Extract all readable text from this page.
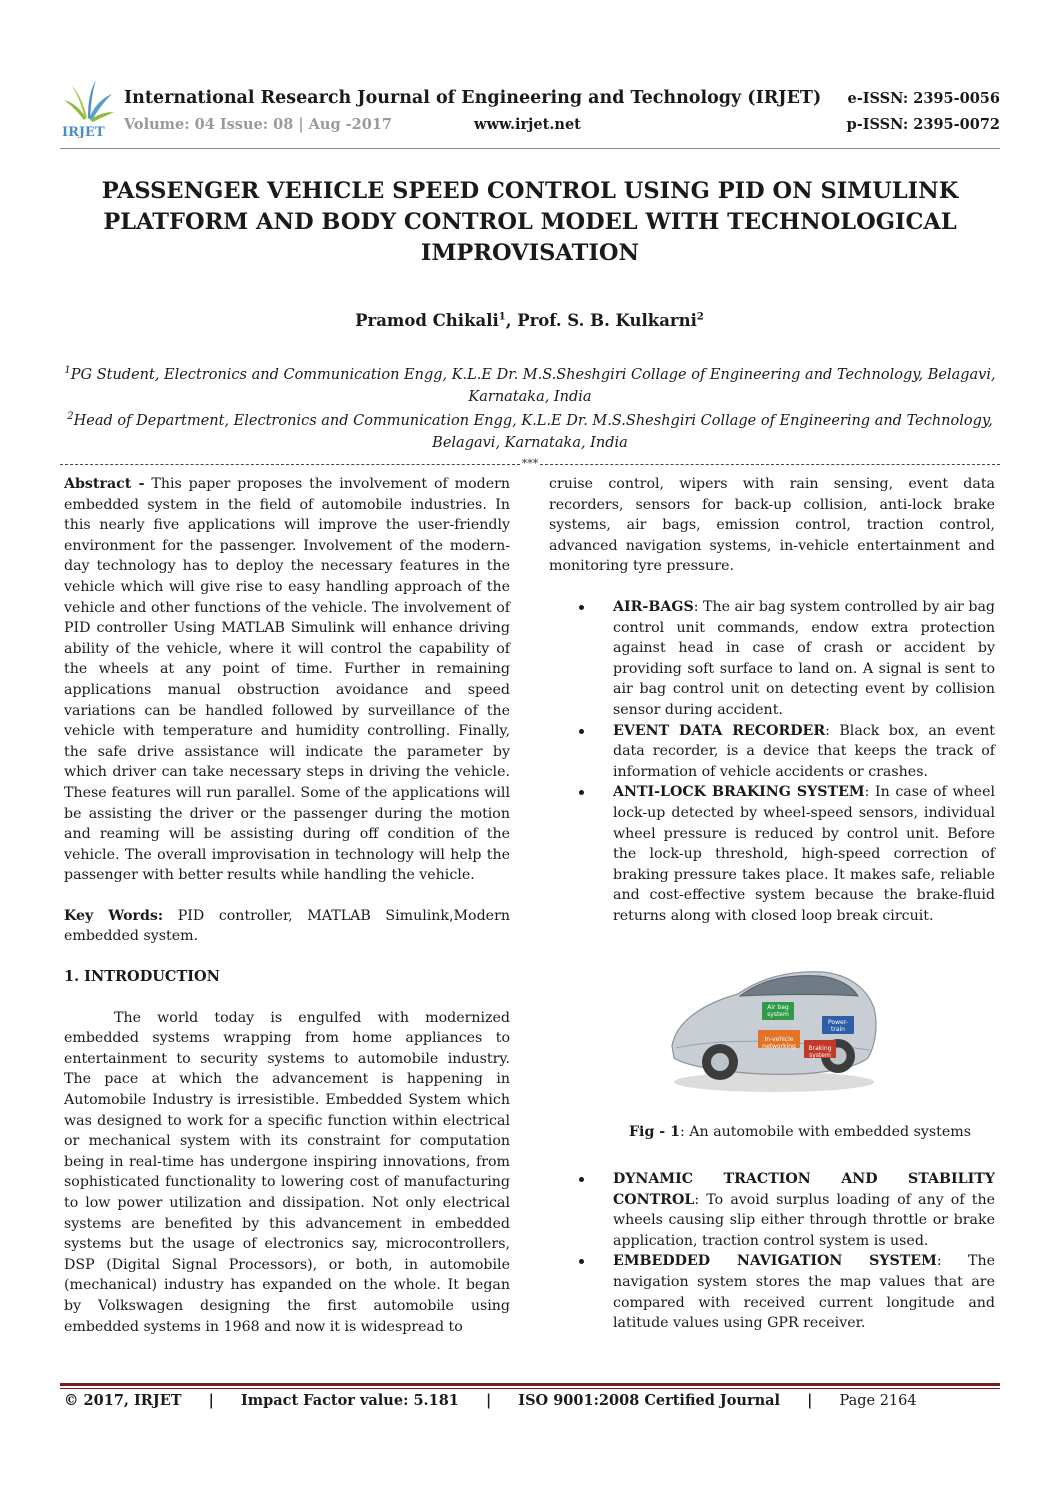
IRJET
International Research Journal of Engineering and Technology (IRJET)
Volume: 04 Issue: 08 | Aug -2017	www.irjet.net
e-ISSN: 2395-0056
p-ISSN: 2395-0072
PASSENGER VEHICLE SPEED CONTROL USING PID ON SIMULINK PLATFORM AND BODY CONTROL MODEL WITH TECHNOLOGICAL IMPROVISATION
Pramod Chikali$^1$, Prof. S. B. Kulkarni$^2$
$^1$PG Student, Electronics and Communication Engg, K.L.E Dr. M.S.Sheshgiri Collage of Engineering and Technology, Belagavi, Karnataka, India
$^2$Head of Department, Electronics and Communication Engg, K.L.E Dr. M.S.Sheshgiri Collage of Engineering and Technology, Belagavi, Karnataka, India
***

Abstract - This paper proposes the involvement of modern embedded system in the field of automobile industries. In this nearly five applications will improve the user-friendly environment for the passenger. Involvement of the modern-day technology has to deploy the necessary features in the vehicle which will give rise to easy handling approach of the vehicle and other functions of the vehicle. The involvement of PID controller Using MATLAB Simulink will enhance driving ability of the vehicle, where it will control the capability of the wheels at any point of time. Further in remaining applications manual obstruction avoidance and speed variations can be handled followed by surveillance of the vehicle with temperature and humidity controlling. Finally, the safe drive assistance will indicate the parameter by which driver can take necessary steps in driving the vehicle. These features will run parallel. Some of the applications will be assisting the driver or the passenger during the motion and reaming will be assisting during off condition of the vehicle. The overall improvisation in technology will help the passenger with better results while handling the vehicle.

Key Words: PID controller, MATLAB Simulink,Modern embedded system.

1. INTRODUCTION

The world today is engulfed with modernized embedded systems wrapping from home appliances to entertainment to security systems to automobile industry. The pace at which the advancement is happening in Automobile Industry is irresistible. Embedded System which was designed to work for a specific function within electrical or mechanical system with its constraint for computation being in real-time has undergone inspiring innovations, from sophisticated functionality to lowering cost of manufacturing to low power utilization and dissipation. Not only electrical systems are benefited by this advancement in embedded systems but the usage of electronics say, microcontrollers, DSP (Digital Signal Processors), or both, in automobile (mechanical) industry has expanded on the whole. It began by Volkswagen designing the first automobile using embedded systems in 1968 and now it is widespread to

cruise control, wipers with rain sensing, event data recorders, sensors for back-up collision, anti-lock brake systems, air bags, emission control, traction control, advanced navigation systems, in-vehicle entertainment and monitoring tyre pressure.

AIR-BAGS: The air bag system controlled by air bag control unit commands, endow extra protection against head in case of crash or accident by providing soft surface to land on. A signal is sent to air bag control unit on detecting event by collision sensor during accident.
EVENT DATA RECORDER: Black box, an event data recorder, is a device that keeps the track of information of vehicle accidents or crashes.
ANTI-LOCK BRAKING SYSTEM: In case of wheel lock-up detected by wheel-speed sensors, individual wheel pressure is reduced by control unit. Before the lock-up threshold, high-speed correction of braking pressure takes place. It makes safe, reliable and cost-effective system because the brake-fluid returns along with closed loop break circuit.
Air bag system
Power-train
In-vehicle networking Braking system

Fig - 1: An automobile with embedded systems

DYNAMIC TRACTION AND STABILITY CONTROL: To avoid surplus loading of any of the wheels causing slip either through throttle or brake application, traction control system is used.
EMBEDDED NAVIGATION SYSTEM: The navigation system stores the map values that are compared with received current longitude and latitude values using GPR receiver.
© 2017, IRJET | Impact Factor value: 5.181 | ISO 9001:2008 Certified Journal | Page 2164
